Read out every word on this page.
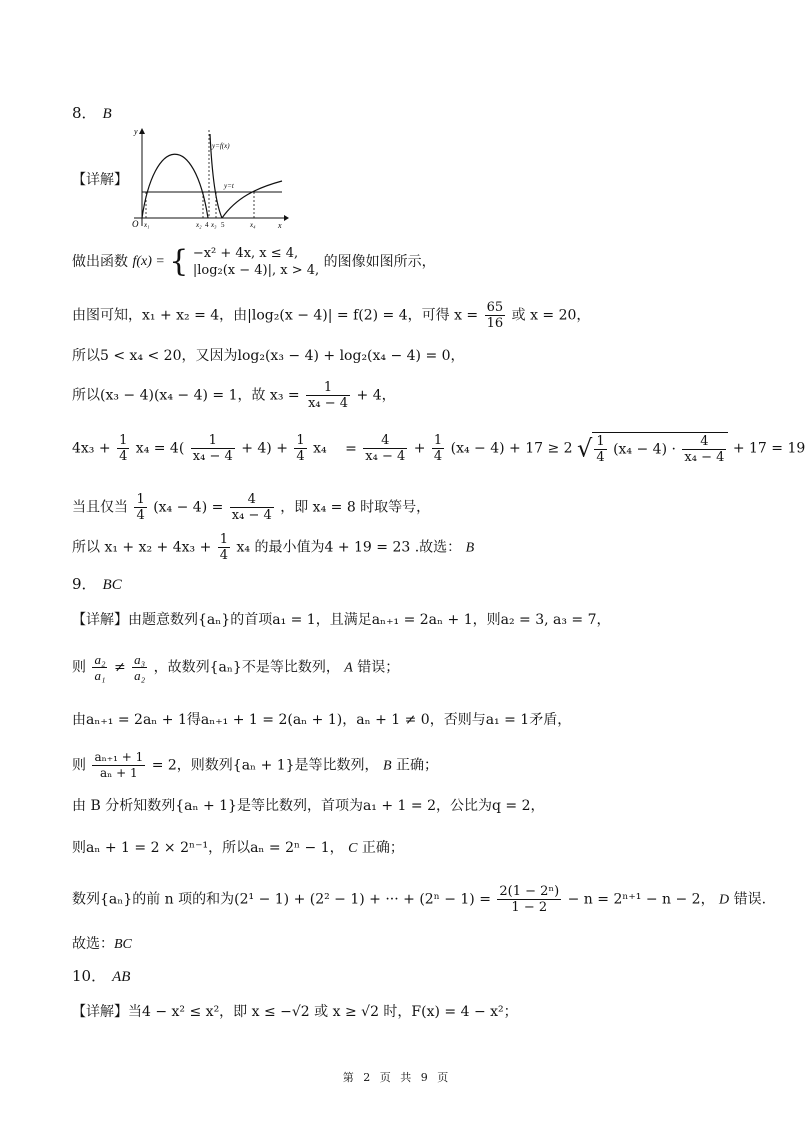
8． B
【详解】
y
x
O x₁	x₂ 4 x₃ 5	x₄
y=f(x)
y=t
做出函数 f(x) = { −x² + 4x, x ≤ 4,
|log₂(x − 4)|, x > 4,
的图像如图所示，
由图可知，x₁ + x₂ = 4，由|log₂(x − 4)| = f(2) = 4，可得 $x = \frac{65}{16}$ 或 x = 20，
所以5 < x₄ < 20，又因为log₂(x₃ − 4) + log₂(x₄ − 4) = 0，
所以(x₃ − 4)(x₄ − 4) = 1，故 $x_3 = \frac{1}{\text{x₄ − 4}} + 4$，
$4x_3 + \frac{1}{4} x_4 = 4( \frac{1}{\text{x₄ − 4}} + 4) + \frac{1}{4} x_4 = \frac{4}{\text{x₄ − 4}} + \frac{1}{4} (x_4 - 4) + 17 \ge 2$ √ $\frac{1}{4} (x_4 - 4) \cdot \frac{4}{\text{x₄ − 4}} + 17 = 19$
当且仅当 $\frac{1}{4} (x_4 - 4) = \frac{4}{\text{x₄ − 4}}$ ，即 x₄ = 8 时取等号，
所以 $x_1 + x_2 + 4x_3 + \frac{1}{4} x_4$ 的最小值为4 + 19 = 23 .故选： B
9． BC
【详解】由题意数列{aₙ}的首项a₁ = 1，且满足aₙ₊₁ = 2aₙ + 1，则a₂ = 3, a₃ = 7，
则 $\frac{\text{a₂}}{\text{a₁}} \ne \frac{\text{a₃}}{\text{a₂}}$ ，故数列{aₙ}不是等比数列， A 错误；
由aₙ₊₁ = 2aₙ + 1得aₙ₊₁ + 1 = 2(aₙ + 1)，aₙ + 1 ≠ 0，否则与a₁ = 1矛盾，
则 $\frac{\text{aₙ₊₁ + 1}}{\text{aₙ + 1}} = 2$，则数列{aₙ + 1}是等比数列， B 正确；
由 B 分析知数列{aₙ + 1}是等比数列，首项为a₁ + 1 = 2，公比为q = 2，
则aₙ + 1 = 2 × 2ⁿ⁻¹，所以aₙ = 2ⁿ − 1， C 正确；
数列{aₙ}的前 n 项的和为(2¹ − 1) + (2² − 1) + ··· + $(2^n - 1) = \frac{\text{2(1 − 2ⁿ)}}{1 - 2} - n = 2^{n+1} - n - 2$， D 错误.
故选：BC
10． AB
【详解】当4 − x² ≤ x²，即 x ≤ −√2 或 x ≥ √2 时，F(x) = 4 − x²；
第 2 页 共 9 页
